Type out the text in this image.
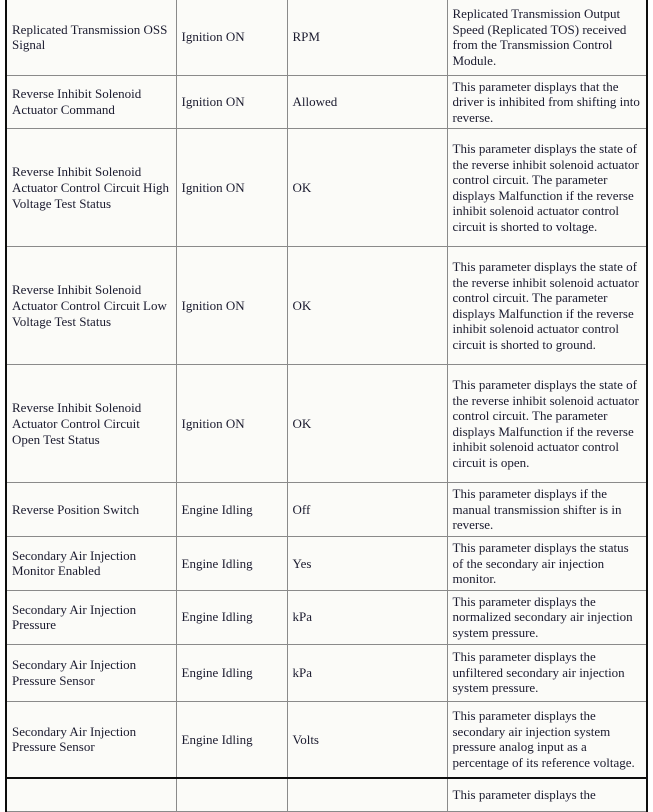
Replicated Transmission OSS Signal	Ignition ON	RPM	Replicated Transmission Output Speed (Replicated TOS) received from the Transmission Control Module.
Reverse Inhibit Solenoid Actuator Command	Ignition ON	Allowed	This parameter displays that the driver is inhibited from shifting into reverse.
Reverse Inhibit Solenoid Actuator Control Circuit High Voltage Test Status	Ignition ON	OK	This parameter displays the state of the reverse inhibit solenoid actuator control circuit. The parameter displays Malfunction if the reverse inhibit solenoid actuator control circuit is shorted to voltage.
Reverse Inhibit Solenoid Actuator Control Circuit Low Voltage Test Status	Ignition ON	OK	This parameter displays the state of the reverse inhibit solenoid actuator control circuit. The parameter displays Malfunction if the reverse inhibit solenoid actuator control circuit is shorted to ground.
Reverse Inhibit Solenoid Actuator Control Circuit Open Test Status	Ignition ON	OK	This parameter displays the state of the reverse inhibit solenoid actuator control circuit. The parameter displays Malfunction if the reverse inhibit solenoid actuator control circuit is open.
Reverse Position Switch	Engine Idling	Off	This parameter displays if the manual transmission shifter is in reverse.
Secondary Air Injection Monitor Enabled	Engine Idling	Yes	This parameter displays the status of the secondary air injection monitor.
Secondary Air Injection Pressure	Engine Idling	kPa	This parameter displays the normalized secondary air injection system pressure.
Secondary Air Injection Pressure Sensor	Engine Idling	kPa	This parameter displays the unfiltered secondary air injection system pressure.
Secondary Air Injection Pressure Sensor	Engine Idling	Volts	This parameter displays the secondary air injection system pressure analog input as a percentage of its reference voltage.
			This parameter displays the
